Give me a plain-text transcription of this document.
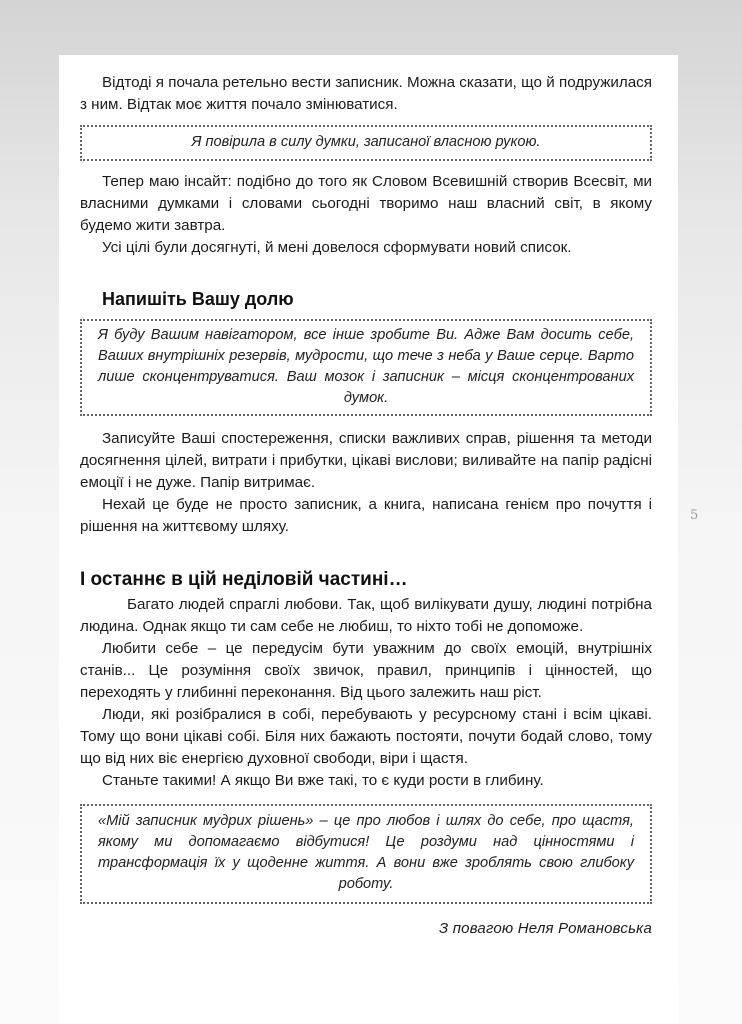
Відтоді я почала ретельно вести записник. Можна сказати, що й подружилася з ним. Відтак моє життя почало змінюватися.

Я повірила в силу думки, записаної власною рукою.

Тепер маю інсайт: подібно до того як Словом Всевишній створив Всесвіт, ми власними думками і словами сьогодні творимо наш власний світ, в якому будемо жити завтра.

Усі цілі були досягнуті, й мені довелося сформувати новий список.

Напишіть Вашу долю
Я буду Вашим навігатором, все інше зробите Ви. Адже Вам досить себе, Ваших внутрішніх резервів, мудрости, що тече з неба у Ваше серце. Варто лише сконцентруватися. Ваш мозок і записник – місця сконцентрованих думок.

Записуйте Ваші спостереження, списки важливих справ, рішення та методи досягнення цілей, витрати і прибутки, цікаві вислови; виливайте на папір радісні емоції і не дуже. Папір витримає.

Нехай це буде не просто записник, а книга, написана генієм про почуття і рішення на життєвому шляху.

І останнє в цій неділовій частині…

Багато людей спраглі любови. Так, щоб вилікувати душу, людині потрібна людина. Однак якщо ти сам себе не любиш, то ніхто тобі не допоможе.

Любити себе – це передусім бути уважним до своїх емоцій, внутрішніх станів... Це розуміння своїх звичок, правил, принципів і цінностей, що переходять у глибинні переконання. Від цього залежить наш ріст.

Люди, які розібралися в собі, перебувають у ресурсному стані і всім цікаві. Тому що вони цікаві собі. Біля них бажають постояти, почути бодай слово, тому що від них віє енергією духовної свободи, віри і щастя.

Станьте такими! А якщо Ви вже такі, то є куди рости в глибину.

«Мій записник мудрих рішень» – це про любов і шлях до себе, про щастя, якому ми допомагаємо відбутися! Це роздуми над цінностями і трансформація їх у щоденне життя. А вони вже зроблять свою глибоку роботу.
З повагою Неля Романовська
5
